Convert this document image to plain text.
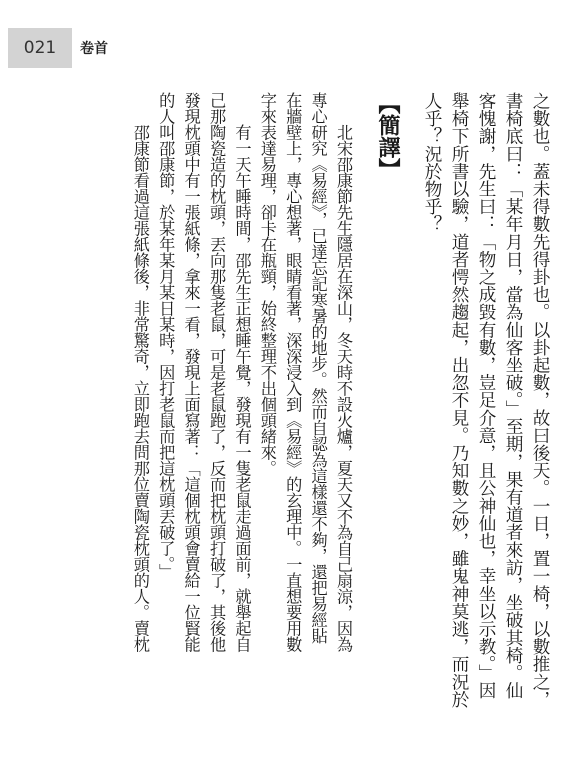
021	卷首
之數也。蓋未得數先得卦也。以卦起數，故曰後天。一日，置一椅，以數推之，
書椅底曰：「某年月日，當為仙客坐破。」至期，果有道者來訪，坐破其椅。仙
客愧謝，先生曰：「物之成毀有數，豈足介意，且公神仙也，幸坐以示教。」因
舉椅下所書以驗，道者愕然趨起，出忽不見。乃知數之妙，雖鬼神莫逃，而況於
人乎？況於物乎？
【簡譯】
北宋邵康節先生隱居在深山，冬天時不設火爐，夏天又不為自己扇涼，因為
專心研究《易經》，已達忘記寒暑的地步。然而自認為這樣還不夠，還把易經貼
在牆壁上，專心想著，眼睛看著，深深浸入到《易經》的玄理中。一直想要用數
字來表達易理，卻卡在瓶頸，始終整理不出個頭緒來。
有一天午睡時間，邵先生正想睡午覺，發現有一隻老鼠走過面前，就舉起自
己那陶瓷造的枕頭，丟向那隻老鼠，可是老鼠跑了，反而把枕頭打破了，其後他
發現枕頭中有一張紙條，拿來一看，發現上面寫著：「這個枕頭會賣給一位賢能
的人叫邵康節，於某年某月某日某時，因打老鼠而把這枕頭丟破了。」
邵康節看過這張紙條後，非常驚奇，立即跑去問那位賣陶瓷枕頭的人。賣枕
